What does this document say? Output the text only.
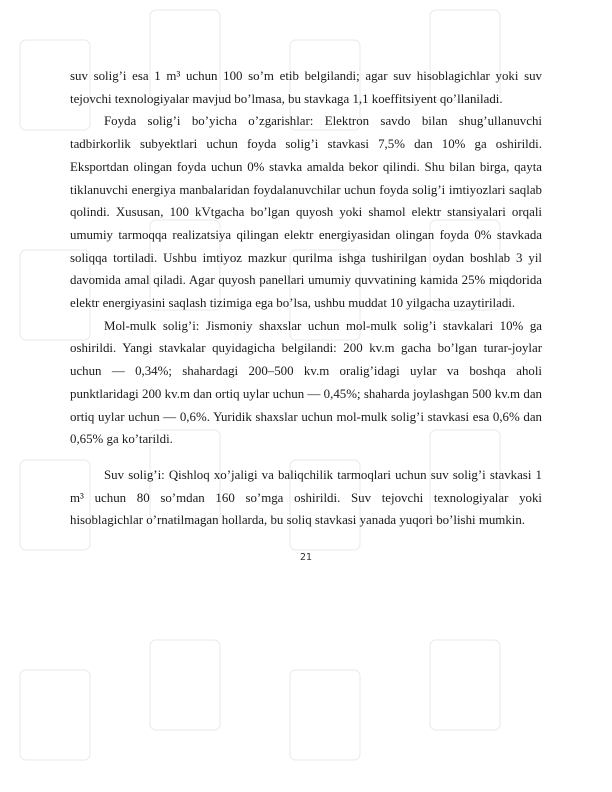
suv solig’i esa 1 m³ uchun 100 so’m etib belgilandi; agar suv hisoblagichlar yoki suv tejovchi texnologiyalar mavjud bo’lmasa, bu stavkaga 1,1 koeffitsiyent qo’llaniladi.

Foyda solig’i bo’yicha o’zgarishlar: Elektron savdo bilan shug’ullanuvchi tadbirkorlik subyektlari uchun foyda solig’i stavkasi 7,5% dan 10% ga oshirildi. Eksportdan olingan foyda uchun 0% stavka amalda bekor qilindi. Shu bilan birga, qayta tiklanuvchi energiya manbalaridan foydalanuvchilar uchun foyda solig’i imtiyozlari saqlab qolindi. Xususan, 100 kVtgacha bo’lgan quyosh yoki shamol elektr stansiyalari orqali umumiy tarmoqqa realizatsiya qilingan elektr energiyasidan olingan foyda 0% stavkada soliqqa tortiladi. Ushbu imtiyoz mazkur qurilma ishga tushirilgan oydan boshlab 3 yil davomida amal qiladi. Agar quyosh panellari umumiy quvvatining kamida 25% miqdorida elektr energiyasini saqlash tizimiga ega bo’lsa, ushbu muddat 10 yilgacha uzaytiriladi.

Mol-mulk solig’i: Jismoniy shaxslar uchun mol-mulk solig’i stavkalari 10% ga oshirildi. Yangi stavkalar quyidagicha belgilandi: 200 kv.m gacha bo’lgan turar-joylar uchun — 0,34%; shahardagi 200–500 kv.m oralig’idagi uylar va boshqa aholi punktlaridagi 200 kv.m dan ortiq uylar uchun — 0,45%; shaharda joylashgan 500 kv.m dan ortiq uylar uchun — 0,6%. Yuridik shaxslar uchun mol-mulk solig’i stavkasi esa 0,6% dan 0,65% ga ko’tarildi.

Suv solig’i: Qishloq xo’jaligi va baliqchilik tarmoqlari uchun suv solig’i stavkasi 1 m³ uchun 80 so’mdan 160 so’mga oshirildi. Suv tejovchi texnologiyalar yoki hisoblagichlar o’rnatilmagan hollarda, bu soliq stavkasi yanada yuqori bo’lishi mumkin.

21
